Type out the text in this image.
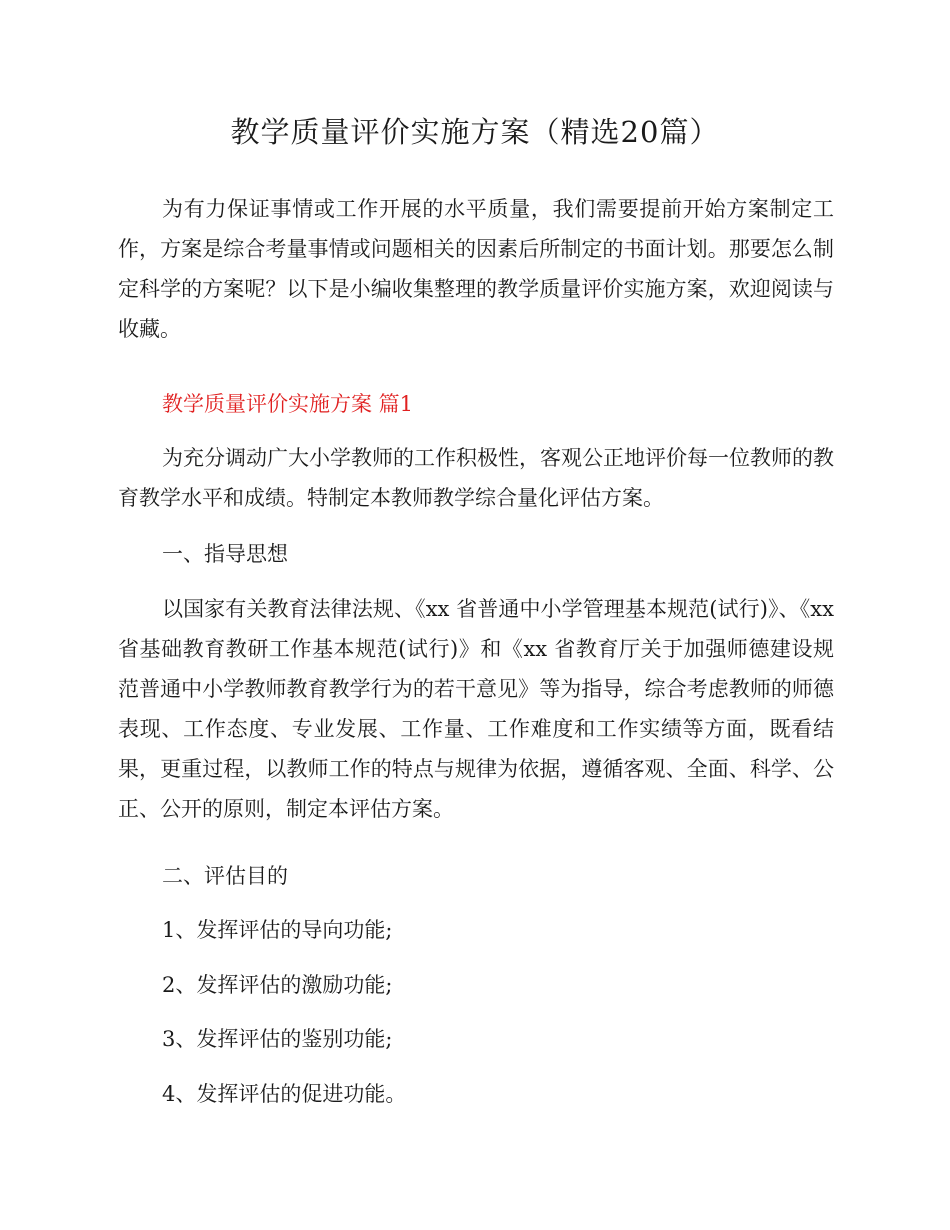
教学质量评价实施方案（精选20篇）

为有力保证事情或工作开展的水平质量，我们需要提前开始方案制定工作，方案是综合考量事情或问题相关的因素后所制定的书面计划。那要怎么制定科学的方案呢？以下是小编收集整理的教学质量评价实施方案，欢迎阅读与收藏。

教学质量评价实施方案 篇1

为充分调动广大小学教师的工作积极性，客观公正地评价每一位教师的教育教学水平和成绩。特制定本教师教学综合量化评估方案。

一、指导思想

以国家有关教育法律法规、《xx 省普通中小学管理基本规范(试行)》、《xx 省基础教育教研工作基本规范(试行)》和《xx 省教育厅关于加强师德建设规范普通中小学教师教育教学行为的若干意见》等为指导，综合考虑教师的师德表现、工作态度、专业发展、工作量、工作难度和工作实绩等方面，既看结果，更重过程，以教师工作的特点与规律为依据，遵循客观、全面、科学、公正、公开的原则，制定本评估方案。

二、评估目的

1、发挥评估的导向功能;

2、发挥评估的激励功能;

3、发挥评估的鉴别功能;

4、发挥评估的促进功能。
